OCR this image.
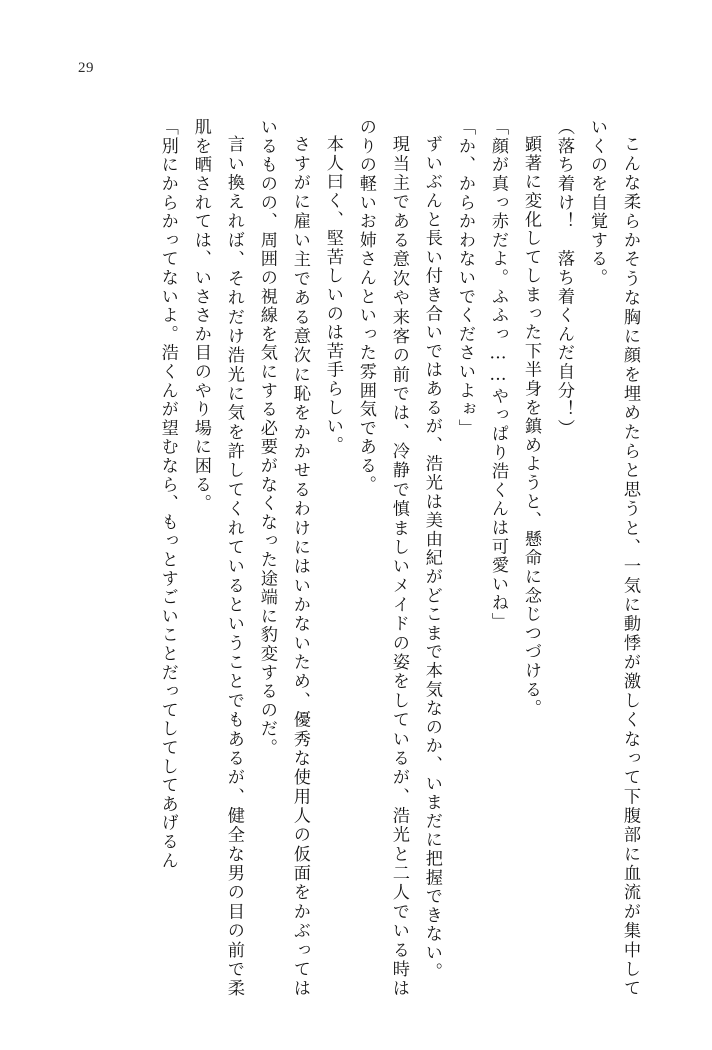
29

こんな柔らかそうな胸に顔を埋めたらと思うと、一気に動悸が激しくなって下腹部に血流が集中していくのを自覚する。

（落ち着け！　落ち着くんだ自分！）

顕著に変化してしまった下半身を鎮めようと、懸命に念じつづける。

「顔が真っ赤だよ。ふふっ……やっぱり浩くんは可愛いね」

「か、からかわないでくださいよぉ」

ずいぶんと長い付き合いではあるが、浩光は美由紀がどこまで本気なのか、いまだに把握できない。

現当主である意次や来客の前では、冷静で慎ましいメイドの姿をしているが、浩光と二人でいる時はのりの軽いお姉さんといった雰囲気である。

本人曰く、堅苦しいのは苦手らしい。

さすがに雇い主である意次に恥をかかせるわけにはいかないため、優秀な使用人の仮面をかぶってはいるものの、周囲の視線を気にする必要がなくなった途端に豹変するのだ。

言い換えれば、それだけ浩光に気を許してくれているということでもあるが、健全な男の目の前で柔肌を晒されては、いささか目のやり場に困る。

「別にからかってないよ。浩くんが望むなら、もっとすごいことだってしてしてあげるん
